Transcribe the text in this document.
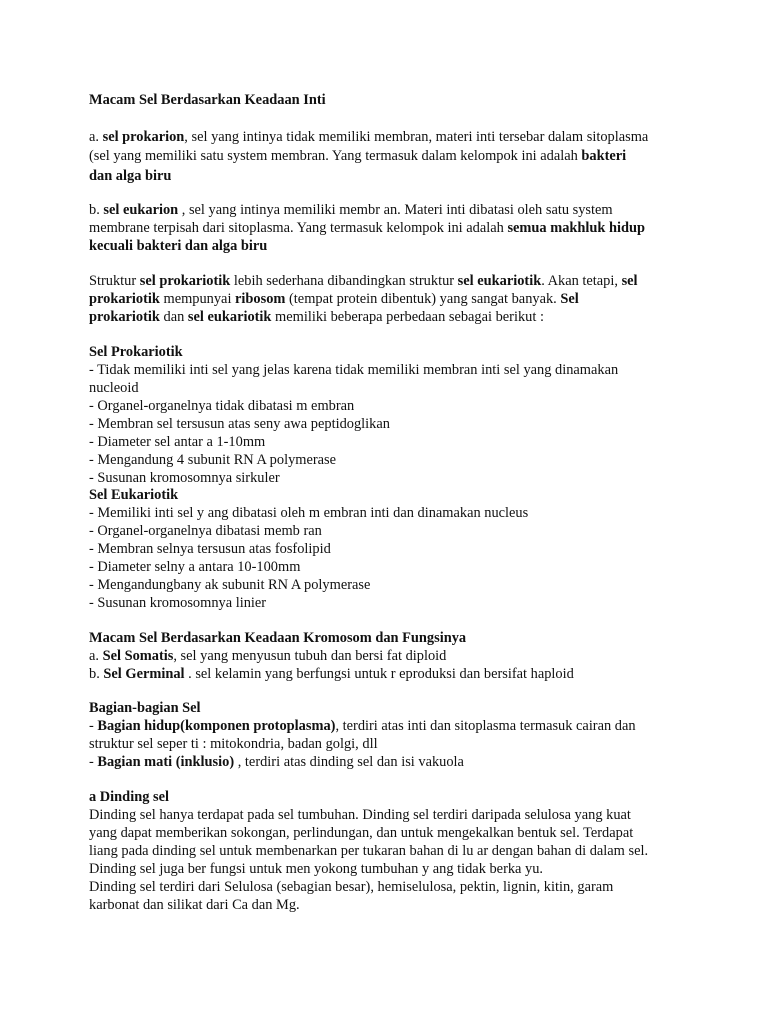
Macam Sel Berdasarkan Keadaan Inti

a. sel prokarion, sel yang intinya tidak memiliki membran, materi inti tersebar dalam sitoplasma

(sel yang memiliki satu system membran. Yang termasuk dalam kelompok ini adalah bakteri

dan alga biru

b. sel eukarion , sel yang intinya memiliki membr an. Materi inti dibatasi oleh satu system

membrane terpisah dari sitoplasma. Yang termasuk kelompok ini adalah semua makhluk hidup

kecuali bakteri dan alga biru

Struktur sel prokariotik lebih sederhana dibandingkan struktur sel eukariotik. Akan tetapi, sel

prokariotik mempunyai ribosom (tempat protein dibentuk) yang sangat banyak. Sel

prokariotik dan sel eukariotik memiliki beberapa perbedaan sebagai berikut :

Sel Prokariotik

- Tidak memiliki inti sel yang jelas karena tidak memiliki membran inti sel yang dinamakan

nucleoid

- Organel-organelnya tidak dibatasi m embran

- Membran sel tersusun atas seny awa peptidoglikan

- Diameter sel antar a 1-10mm

- Mengandung 4 subunit RN A polymerase

- Susunan kromosomnya sirkuler

Sel Eukariotik

- Memiliki inti sel y ang dibatasi oleh m embran inti dan dinamakan nucleus

- Organel-organelnya dibatasi memb ran

- Membran selnya tersusun atas fosfolipid

- Diameter selny a antara 10-100mm

- Mengandungbany ak subunit RN A polymerase

- Susunan kromosomnya linier

Macam Sel Berdasarkan Keadaan Kromosom dan Fungsinya

a. Sel Somatis, sel yang menyusun tubuh dan bersi fat diploid

b. Sel Germinal . sel kelamin yang berfungsi untuk r eproduksi dan bersifat haploid

Bagian-bagian Sel

- Bagian hidup(komponen protoplasma), terdiri atas inti dan sitoplasma termasuk cairan dan

struktur sel seper ti : mitokondria, badan golgi, dll

- Bagian mati (inklusio) , terdiri atas dinding sel dan isi vakuola

a Dinding sel

Dinding sel hanya terdapat pada sel tumbuhan. Dinding sel terdiri daripada selulosa yang kuat

yang dapat memberikan sokongan, perlindungan, dan untuk mengekalkan bentuk sel. Terdapat

liang pada dinding sel untuk membenarkan per tukaran bahan di lu ar dengan bahan di dalam sel.

Dinding sel juga ber fungsi untuk men yokong tumbuhan y ang tidak berka yu.

Dinding sel terdiri dari Selulosa (sebagian besar), hemiselulosa, pektin, lignin, kitin, garam

karbonat dan silikat dari Ca dan Mg.
